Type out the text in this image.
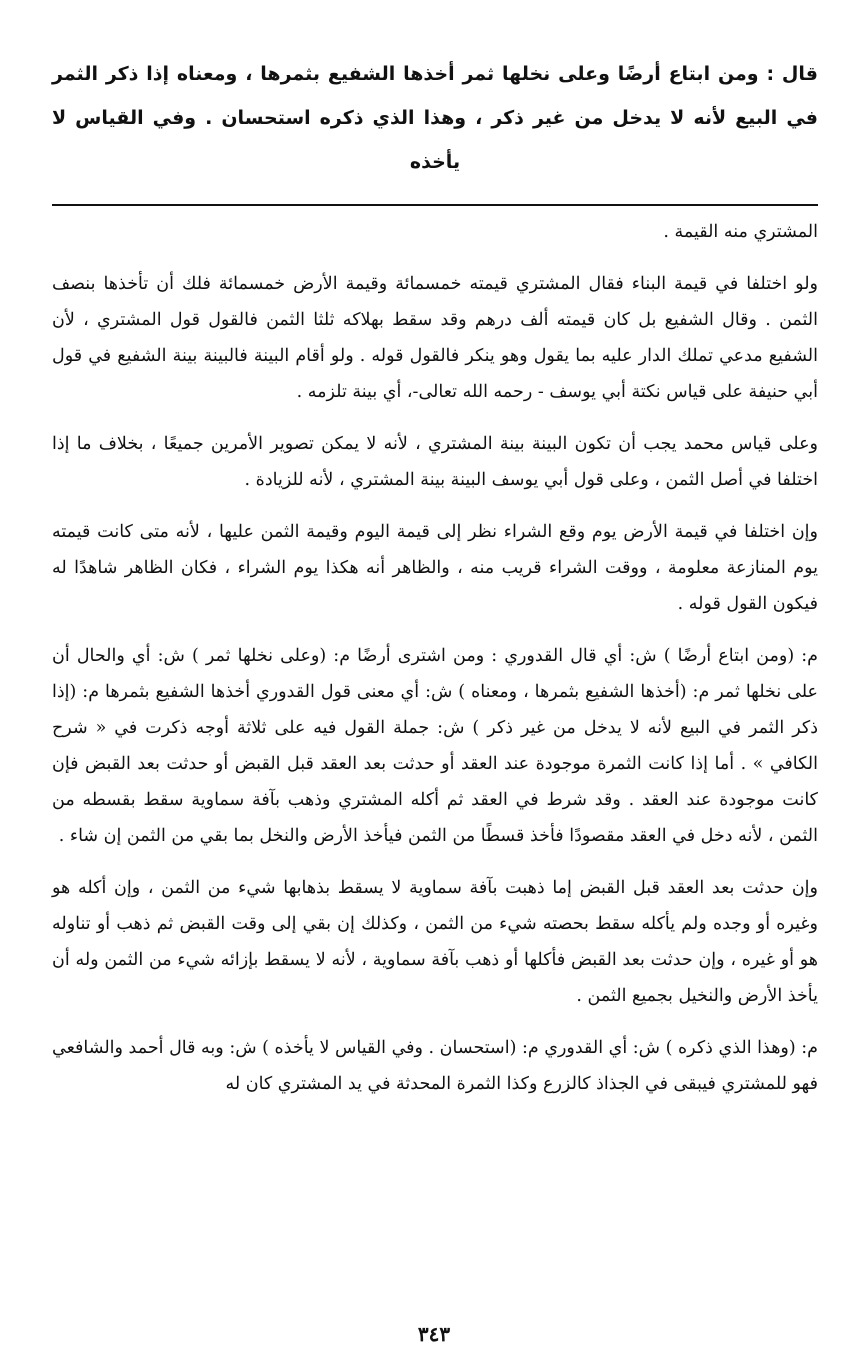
قال : ومن ابتاع أرضًا وعلى نخلها ثمر أخذها الشفيع بثمرها ، ومعناه إذا ذكر الثمر في البيع لأنه لا يدخل من غير ذكر ، وهذا الذي ذكره استحسان . وفي القياس لا يأخذه

المشتري منه القيمة .

ولو اختلفا في قيمة البناء فقال المشتري قيمته خمسمائة وقيمة الأرض خمسمائة فلك أن تأخذها بنصف الثمن . وقال الشفيع بل كان قيمته ألف درهم وقد سقط بهلاكه ثلثا الثمن فالقول قول المشتري ، لأن الشفيع مدعي تملك الدار عليه بما يقول وهو ينكر فالقول قوله . ولو أقام البينة فالبينة بينة الشفيع في قول أبي حنيفة على قياس نكتة أبي يوسف - رحمه الله تعالى-، أي بينة تلزمه .

وعلى قياس محمد يجب أن تكون البينة بينة المشتري ، لأنه لا يمكن تصوير الأمرين جميعًا ، بخلاف ما إذا اختلفا في أصل الثمن ، وعلى قول أبي يوسف البينة بينة المشتري ، لأنه للزيادة .

وإن اختلفا في قيمة الأرض يوم وقع الشراء نظر إلى قيمة اليوم وقيمة الثمن عليها ، لأنه متى كانت قيمته يوم المنازعة معلومة ، ووقت الشراء قريب منه ، والظاهر أنه هكذا يوم الشراء ، فكان الظاهر شاهدًا له فيكون القول قوله .

م: (ومن ابتاع أرضًا ) ش: أي قال القدوري : ومن اشترى أرضًا م: (وعلى نخلها ثمر ) ش: أي والحال أن على نخلها ثمر م: (أخذها الشفيع بثمرها ، ومعناه ) ش: أي معنى قول القدوري أخذها الشفيع بثمرها م: (إذا ذكر الثمر في البيع لأنه لا يدخل من غير ذكر ) ش: جملة القول فيه على ثلاثة أوجه ذكرت في « شرح الكافي » . أما إذا كانت الثمرة موجودة عند العقد أو حدثت بعد العقد قبل القبض أو حدثت بعد القبض فإن كانت موجودة عند العقد . وقد شرط في العقد ثم أكله المشتري وذهب بآفة سماوية سقط بقسطه من الثمن ، لأنه دخل في العقد مقصودًا فأخذ قسطًا من الثمن فيأخذ الأرض والنخل بما بقي من الثمن إن شاء .

وإن حدثت بعد العقد قبل القبض إما ذهبت بآفة سماوية لا يسقط بذهابها شيء من الثمن ، وإن أكله هو وغيره أو وجده ولم يأكله سقط بحصته شيء من الثمن ، وكذلك إن بقي إلى وقت القبض ثم ذهب أو تناوله هو أو غيره ، وإن حدثت بعد القبض فأكلها أو ذهب بآفة سماوية ، لأنه لا يسقط بإزائه شيء من الثمن وله أن يأخذ الأرض والنخيل بجميع الثمن .

م: (وهذا الذي ذكره ) ش: أي القدوري م: (استحسان . وفي القياس لا يأخذه ) ش: وبه قال أحمد والشافعي فهو للمشتري فيبقى في الجذاذ كالزرع وكذا الثمرة المحدثة في يد المشتري كان له

٣٤٣
